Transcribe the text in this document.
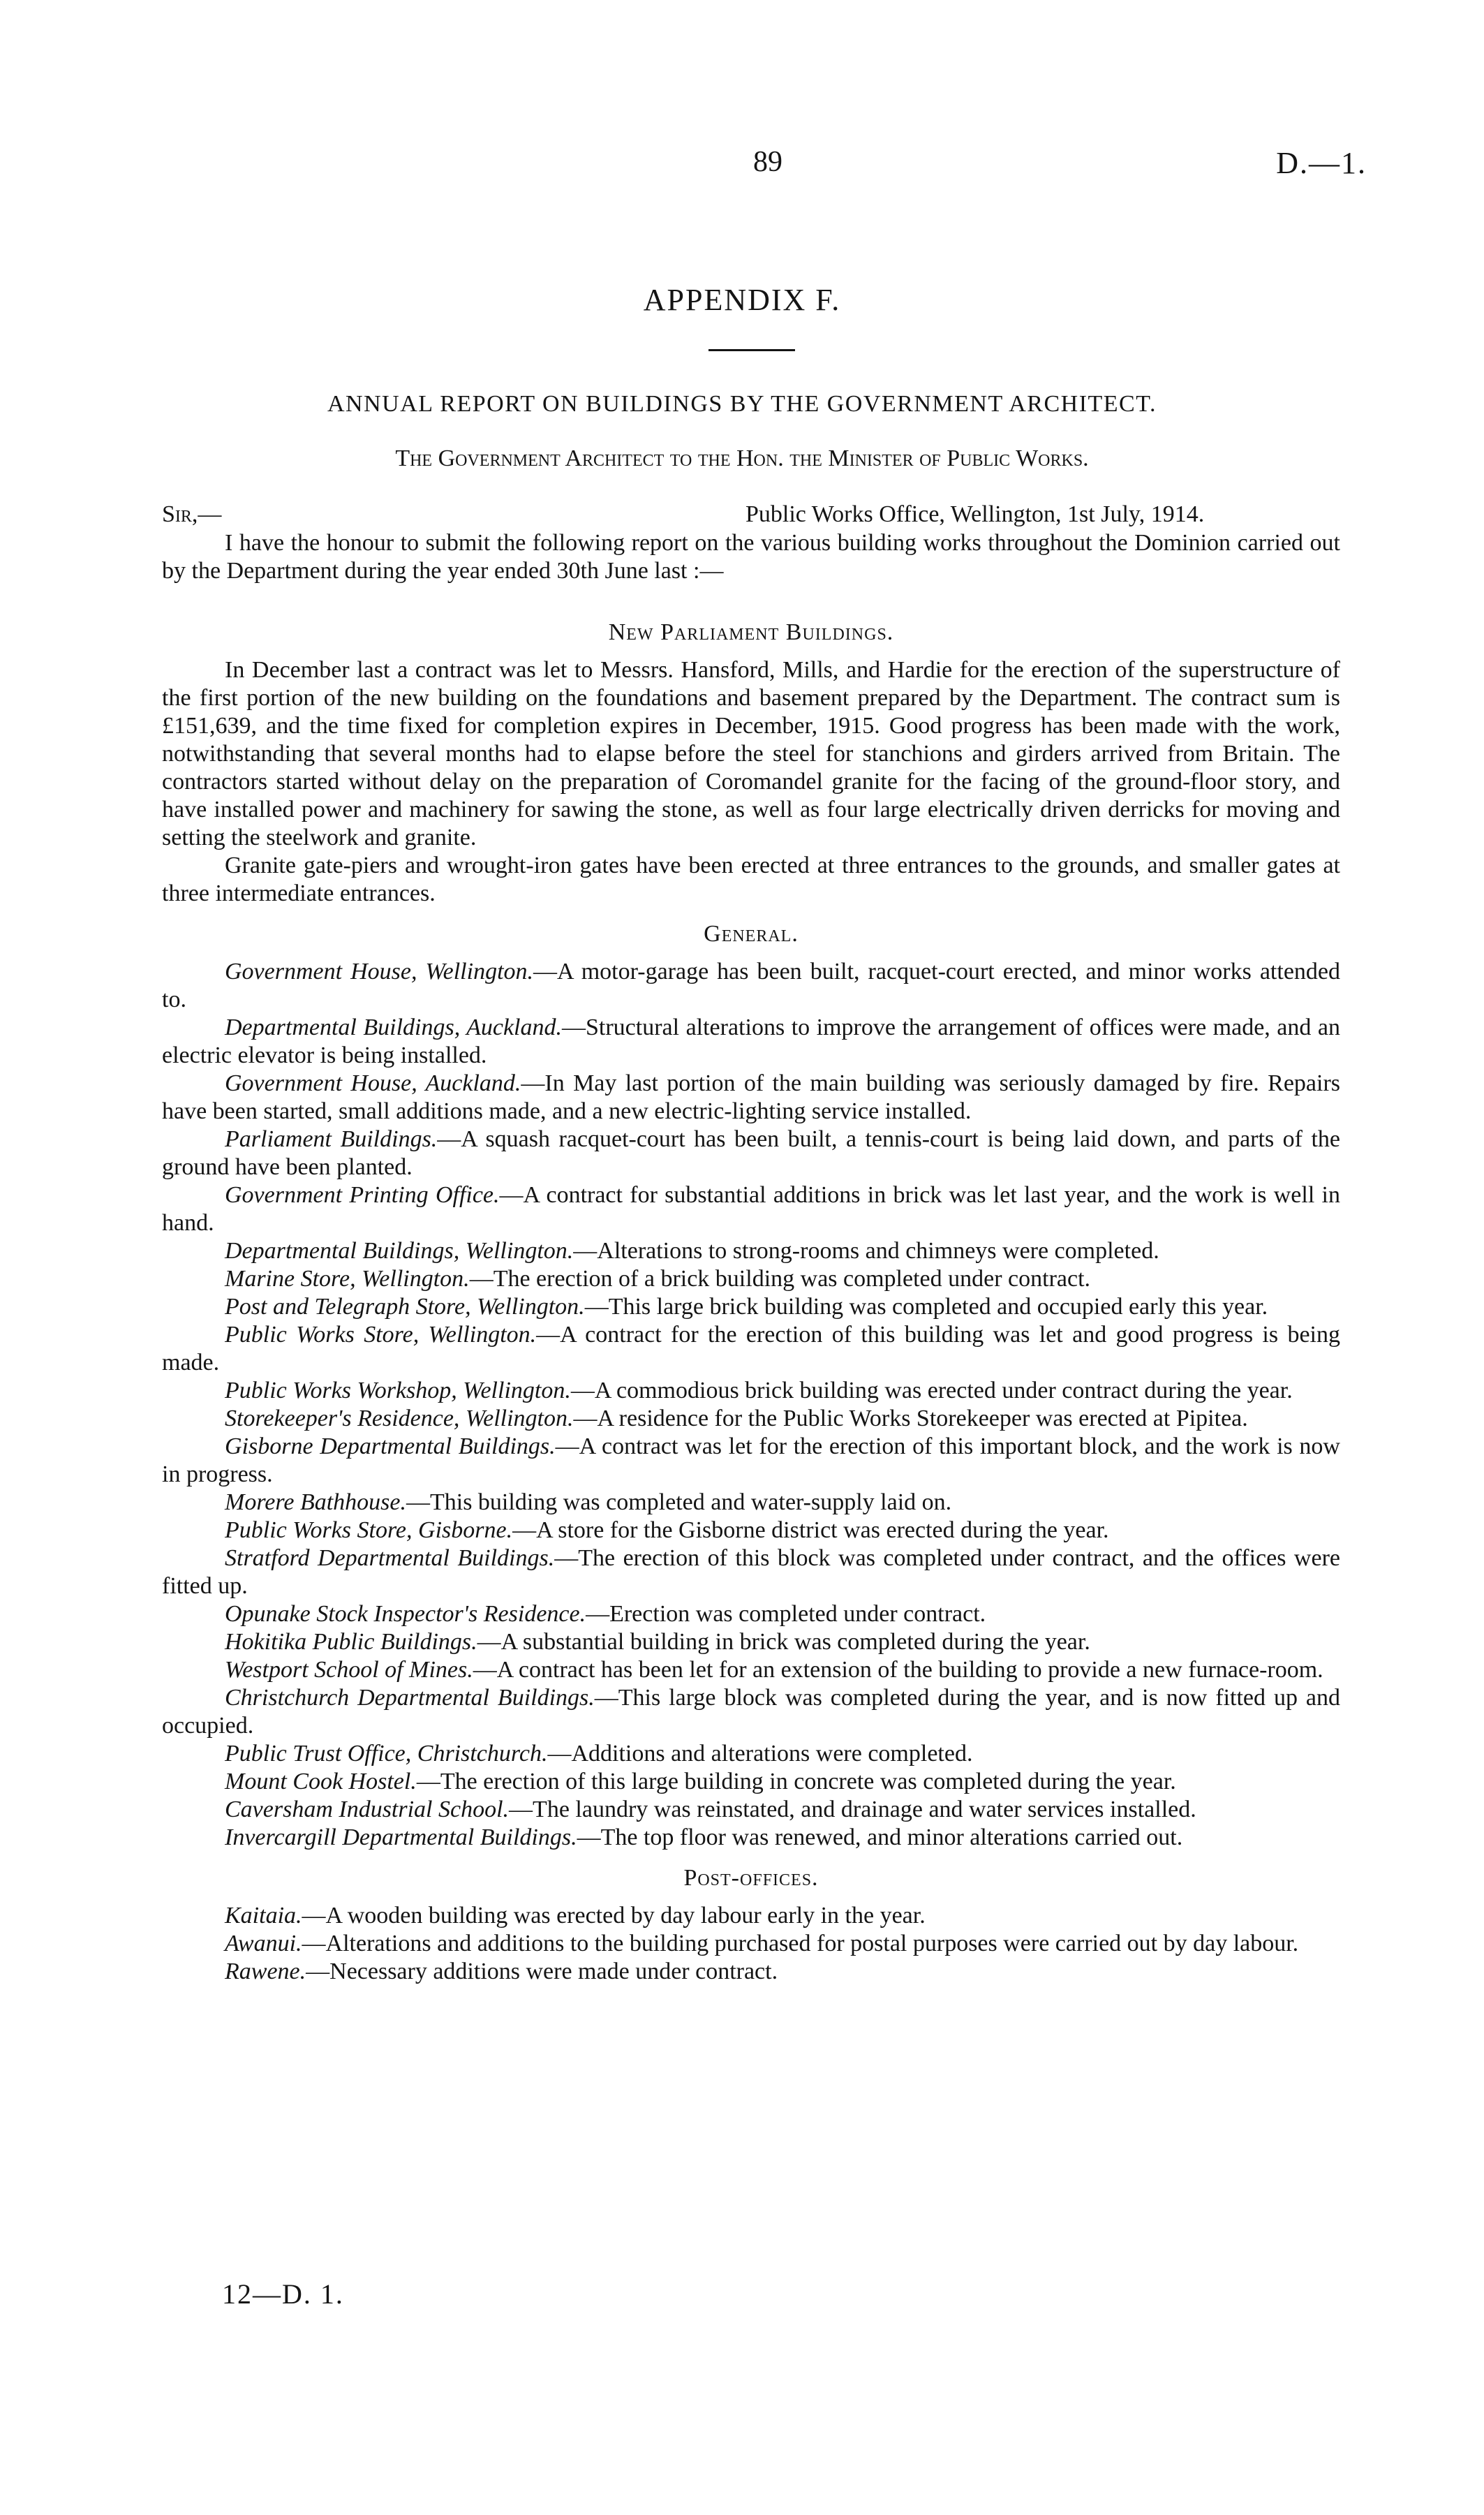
89	D.—1.
APPENDIX F.
ANNUAL REPORT ON BUILDINGS BY THE GOVERNMENT ARCHITECT.
The Government Architect to the Hon. the Minister of Public Works.
Sir,—	Public Works Office, Wellington, 1st July, 1914.

I have the honour to submit the following report on the various building works throughout the Dominion carried out by the Department during the year ended 30th June last :—

New Parliament Buildings.

In December last a contract was let to Messrs. Hansford, Mills, and Hardie for the erection of the superstructure of the first portion of the new building on the foundations and basement prepared by the Department. The contract sum is £151,639, and the time fixed for completion expires in December, 1915. Good progress has been made with the work, notwithstanding that several months had to elapse before the steel for stanchions and girders arrived from Britain. The contractors started without delay on the preparation of Coromandel granite for the facing of the ground-floor story, and have installed power and machinery for sawing the stone, as well as four large electrically driven derricks for moving and setting the steelwork and granite.

Granite gate-piers and wrought-iron gates have been erected at three entrances to the grounds, and smaller gates at three intermediate entrances.

General.

Government House, Wellington.—A motor-garage has been built, racquet-court erected, and minor works attended to.

Departmental Buildings, Auckland.—Structural alterations to improve the arrangement of offices were made, and an electric elevator is being installed.

Government House, Auckland.—In May last portion of the main building was seriously damaged by fire. Repairs have been started, small additions made, and a new electric-lighting service installed.

Parliament Buildings.—A squash racquet-court has been built, a tennis-court is being laid down, and parts of the ground have been planted.

Government Printing Office.—A contract for substantial additions in brick was let last year, and the work is well in hand.

Departmental Buildings, Wellington.—Alterations to strong-rooms and chimneys were completed.

Marine Store, Wellington.—The erection of a brick building was completed under contract.

Post and Telegraph Store, Wellington.—This large brick building was completed and occupied early this year.

Public Works Store, Wellington.—A contract for the erection of this building was let and good progress is being made.

Public Works Workshop, Wellington.—A commodious brick building was erected under contract during the year.

Storekeeper's Residence, Wellington.—A residence for the Public Works Storekeeper was erected at Pipitea.

Gisborne Departmental Buildings.—A contract was let for the erection of this important block, and the work is now in progress.

Morere Bathhouse.—This building was completed and water-supply laid on.

Public Works Store, Gisborne.—A store for the Gisborne district was erected during the year.

Stratford Departmental Buildings.—The erection of this block was completed under contract, and the offices were fitted up.

Opunake Stock Inspector's Residence.—Erection was completed under contract.

Hokitika Public Buildings.—A substantial building in brick was completed during the year.

Westport School of Mines.—A contract has been let for an extension of the building to provide a new furnace-room.

Christchurch Departmental Buildings.—This large block was completed during the year, and is now fitted up and occupied.

Public Trust Office, Christchurch.—Additions and alterations were completed.

Mount Cook Hostel.—The erection of this large building in concrete was completed during the year.

Caversham Industrial School.—The laundry was reinstated, and drainage and water services installed.

Invercargill Departmental Buildings.—The top floor was renewed, and minor alterations carried out.

Post-offices.

Kaitaia.—A wooden building was erected by day labour early in the year.

Awanui.—Alterations and additions to the building purchased for postal purposes were carried out by day labour.

Rawene.—Necessary additions were made under contract.

12—D. 1.
